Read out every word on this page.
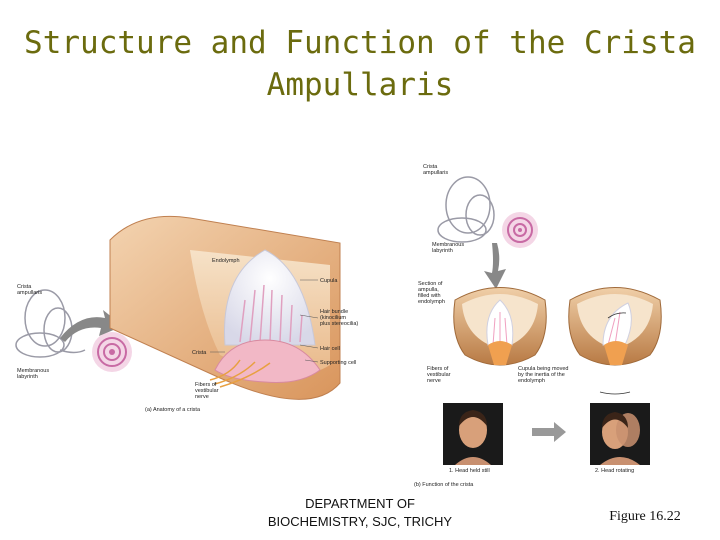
Structure and Function of the Crista
Ampullaris
Crista ampullaris
Membranous labyrinth
Endolymph
Cupula
Hair bundle (kinocilium plus stereocilia)
Hair cell
Crista
Supporting cell
Fibers of vestibular nerve
(a) Anatomy of a crista
Crista ampullaris
Membranous labyrinth
Section of ampulla, filled with endolymph
Fibers of vestibular nerve
Cupula being moved by the inertia of the endolymph
1. Head held still	2. Head rotating
(b) Function of the crista
DEPARTMENT OF
BIOCHEMISTRY, SJC, TRICHY	Figure 16.22
